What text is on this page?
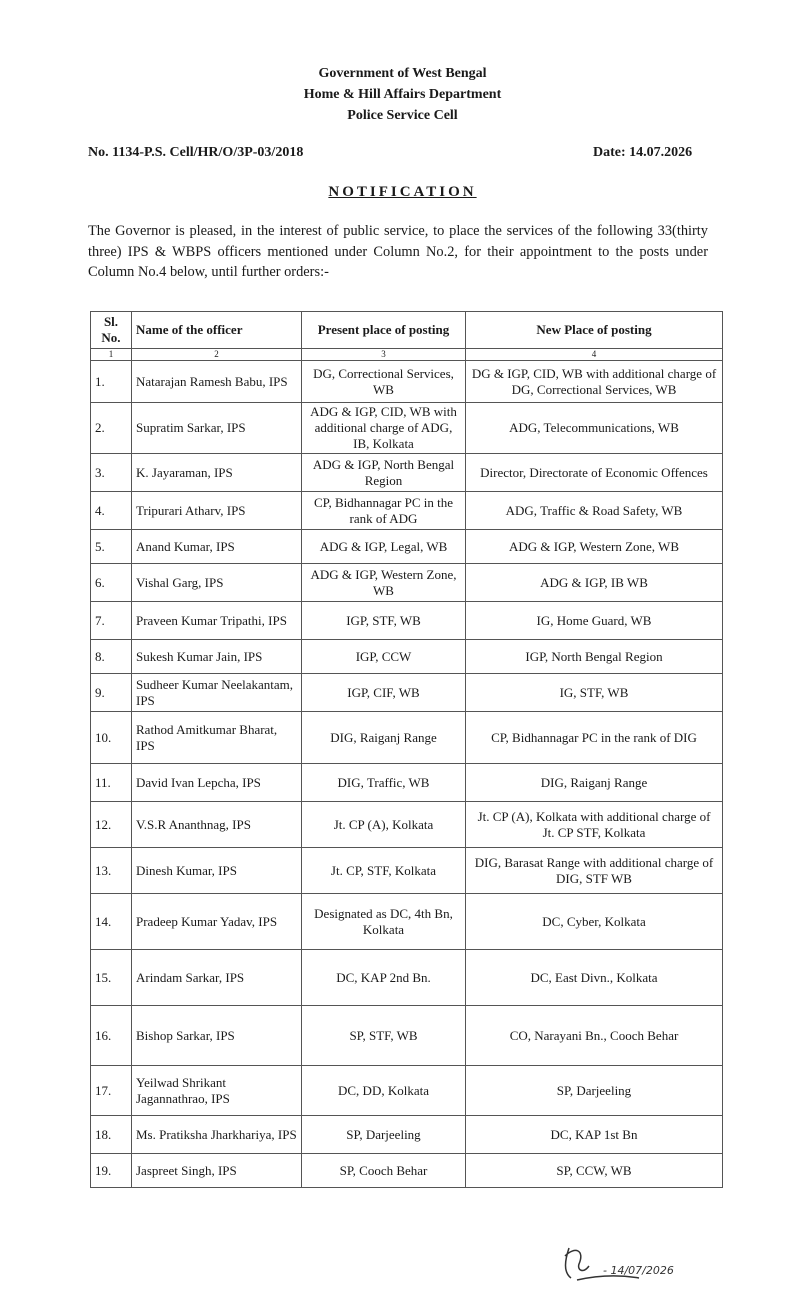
Government of West Bengal
Home & Hill Affairs Department
Police Service Cell
No. 1134-P.S. Cell/HR/O/3P-03/2018	Date: 14.07.2026
NOTIFICATION
The Governor is pleased, in the interest of public service, to place the services of the following 33(thirty three) IPS & WBPS officers mentioned under Column No.2, for their appointment to the posts under Column No.4 below, until further orders:-
Sl. No.	Name of the officer	Present place of posting	New Place of posting
1	2	3	4
1.	Natarajan Ramesh Babu, IPS	DG, Correctional Services, WB	DG & IGP, CID, WB with additional charge of DG, Correctional Services, WB
2.	Supratim Sarkar, IPS	ADG & IGP, CID, WB with additional charge of ADG, IB, Kolkata	ADG, Telecommunications, WB
3.	K. Jayaraman, IPS	ADG & IGP, North Bengal Region	Director, Directorate of Economic Offences
4.	Tripurari Atharv, IPS	CP, Bidhannagar PC in the rank of ADG	ADG, Traffic & Road Safety, WB
5.	Anand Kumar, IPS	ADG & IGP, Legal, WB	ADG & IGP, Western Zone, WB
6.	Vishal Garg, IPS	ADG & IGP, Western Zone, WB	ADG & IGP, IB WB
7.	Praveen Kumar Tripathi, IPS	IGP, STF, WB	IG, Home Guard, WB
8.	Sukesh Kumar Jain, IPS	IGP, CCW	IGP, North Bengal Region
9.	Sudheer Kumar Neelakantam, IPS	IGP, CIF, WB	IG, STF, WB
10.	Rathod Amitkumar Bharat, IPS	DIG, Raiganj Range	CP, Bidhannagar PC in the rank of DIG
11.	David Ivan Lepcha, IPS	DIG, Traffic, WB	DIG, Raiganj Range
12.	V.S.R Ananthnag, IPS	Jt. CP (A), Kolkata	Jt. CP (A), Kolkata with additional charge of Jt. CP STF, Kolkata
13.	Dinesh Kumar, IPS	Jt. CP, STF, Kolkata	DIG, Barasat Range with additional charge of DIG, STF WB
14.	Pradeep Kumar Yadav, IPS	Designated as DC, 4th Bn, Kolkata	DC, Cyber, Kolkata
15.	Arindam Sarkar, IPS	DC, KAP 2nd Bn.	DC, East Divn., Kolkata
16.	Bishop Sarkar, IPS	SP, STF, WB	CO, Narayani Bn., Cooch Behar
17.	Yeilwad Shrikant Jagannathrao, IPS	DC, DD, Kolkata	SP, Darjeeling
18.	Ms. Pratiksha Jharkhariya, IPS	SP, Darjeeling	DC, KAP 1st Bn
19.	Jaspreet Singh, IPS	SP, Cooch Behar	SP, CCW, WB
- 14/07/2026
